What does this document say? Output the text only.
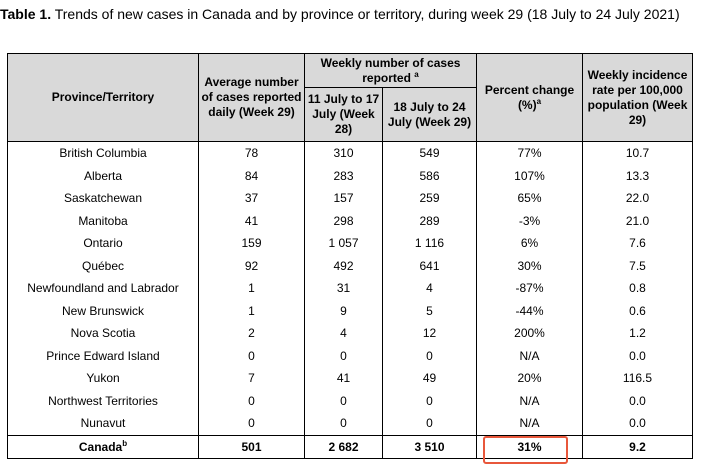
Table 1. Trends of new cases in Canada and by province or territory, during week 29 (18 July to 24 July 2021)
Province/Territory	Average number of cases reported daily (Week 29)	Weekly number of cases reported $^a$		Percent change (%)$^a$	Weekly incidence rate per 100,000 population (Week 29)
		11 July to 17 July (Week 28)	18 July to 24 July (Week 29)		
British Columbia	78	310	549	77%	10.7
Alberta	84	283	586	107%	13.3
Saskatchewan	37	157	259	65%	22.0
Manitoba	41	298	289	-3%	21.0
Ontario	159	1 057	1 116	6%	7.6
Québec	92	492	641	30%	7.5
Newfoundland and Labrador	1	31	4	-87%	0.8
New Brunswick	1	9	5	-44%	0.6
Nova Scotia	2	4	12	200%	1.2
Prince Edward Island	0	0	0	N/A	0.0
Yukon	7	41	49	20%	116.5
Northwest Territories	0	0	0	N/A	0.0
Nunavut	0	0	0	N/A	0.0
Canada$^b$	501	2 682	3 510	31%	9.2
